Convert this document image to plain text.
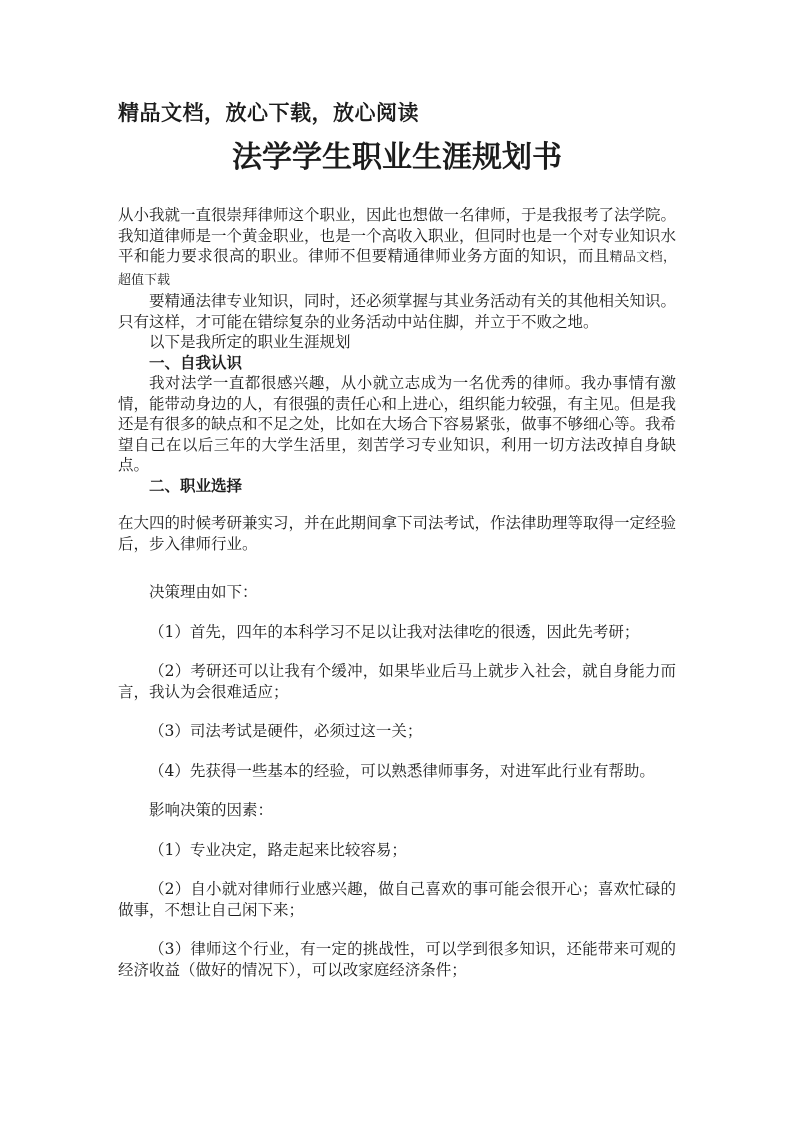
精品文档，放心下载，放心阅读

法学学生职业生涯规划书

从小我就一直很崇拜律师这个职业，因此也想做一名律师，于是我报考了法学院。我知道律师是一个黄金职业，也是一个高收入职业，但同时也是一个对专业知识水平和能力要求很高的职业。律师不但要精通律师业务方面的知识，而且精品文档，超值下载

要精通法律专业知识，同时，还必须掌握与其业务活动有关的其他相关知识。只有这样，才可能在错综复杂的业务活动中站住脚，并立于不败之地。

以下是我所定的职业生涯规划

一、自我认识

我对法学一直都很感兴趣，从小就立志成为一名优秀的律师。我办事情有激情，能带动身边的人，有很强的责任心和上进心，组织能力较强，有主见。但是我还是有很多的缺点和不足之处，比如在大场合下容易紧张，做事不够细心等。我希望自己在以后三年的大学生活里，刻苦学习专业知识，利用一切方法改掉自身缺点。

二、职业选择

在大四的时候考研兼实习，并在此期间拿下司法考试，作法律助理等取得一定经验后，步入律师行业。

决策理由如下：

（1）首先，四年的本科学习不足以让我对法律吃的很透，因此先考研；

（2）考研还可以让我有个缓冲，如果毕业后马上就步入社会，就自身能力而言，我认为会很难适应；

（3）司法考试是硬件，必须过这一关；

（4）先获得一些基本的经验，可以熟悉律师事务，对进军此行业有帮助。

影响决策的因素：

（1）专业决定，路走起来比较容易；

（2）自小就对律师行业感兴趣，做自己喜欢的事可能会很开心；喜欢忙碌的做事，不想让自己闲下来；

（3）律师这个行业，有一定的挑战性，可以学到很多知识，还能带来可观的经济收益（做好的情况下），可以改家庭经济条件；
